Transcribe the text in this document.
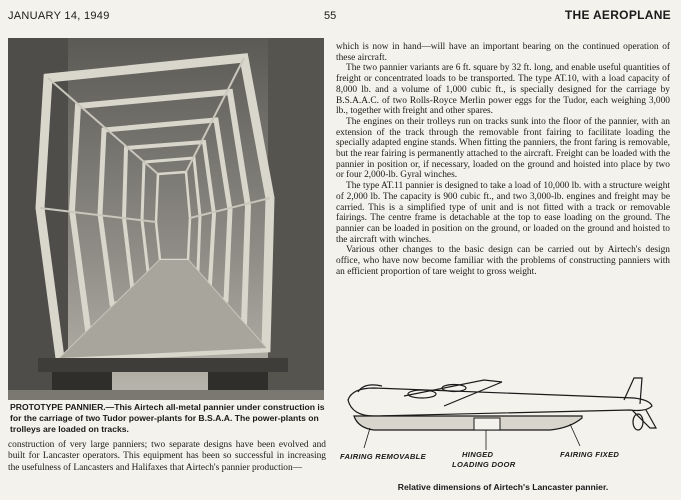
JANUARY 14, 1949	55	THE AEROPLANE
PROTOTYPE PANNIER.—This Airtech all-metal pannier under construction is for the carriage of two Tudor power-plants for B.S.A.A. The power-plants on trolleys are loaded on tracks.

construction of very large panniers; two separate designs have been evolved and built for Lancaster operators. This equipment has been so successful in increasing the usefulness of Lancasters and Halifaxes that Airtech's pannier production—

which is now in hand—will have an important bearing on the continued operation of these aircraft.

The two pannier variants are 6 ft. square by 32 ft. long, and enable useful quantities of freight or concentrated loads to be transported. The type AT.10, with a load capacity of 8,000 lb. and a volume of 1,000 cubic ft., is specially designed for the carriage by B.S.A.A.C. of two Rolls-Royce Merlin power eggs for the Tudor, each weighing 3,000 lb., together with freight and other spares.

The engines on their trolleys run on tracks sunk into the floor of the pannier, with an extension of the track through the removable front fairing to facilitate loading the specially adapted engine stands. When fitting the panniers, the front faring is removable, but the rear fairing is permanently attached to the aircraft. Freight can be loaded with the pannier in position or, if necessary, loaded on the ground and hoisted into place by two or four 2,000-lb. Gyral winches.

The type AT.11 pannier is designed to take a load of 10,000 lb. with a structure weight of 2,000 lb. The capacity is 900 cubic ft., and two 3,000-lb. engines and freight may be carried. This is a simplified type of unit and is not fitted with a track or removable fairings. The centre frame is detachable at the top to ease loading on the ground. The pannier can be loaded in position on the ground, or loaded on the ground and hoisted to the aircraft with winches.

Various other changes to the basic design can be carried out by Airtech's design office, who have now become familiar with the problems of constructing panniers with an efficient proportion of tare weight to gross weight.

FAIRING REMOVABLE	HINGED
LOADING DOOR
FAIRING FIXED
Relative dimensions of Airtech's Lancaster pannier.
